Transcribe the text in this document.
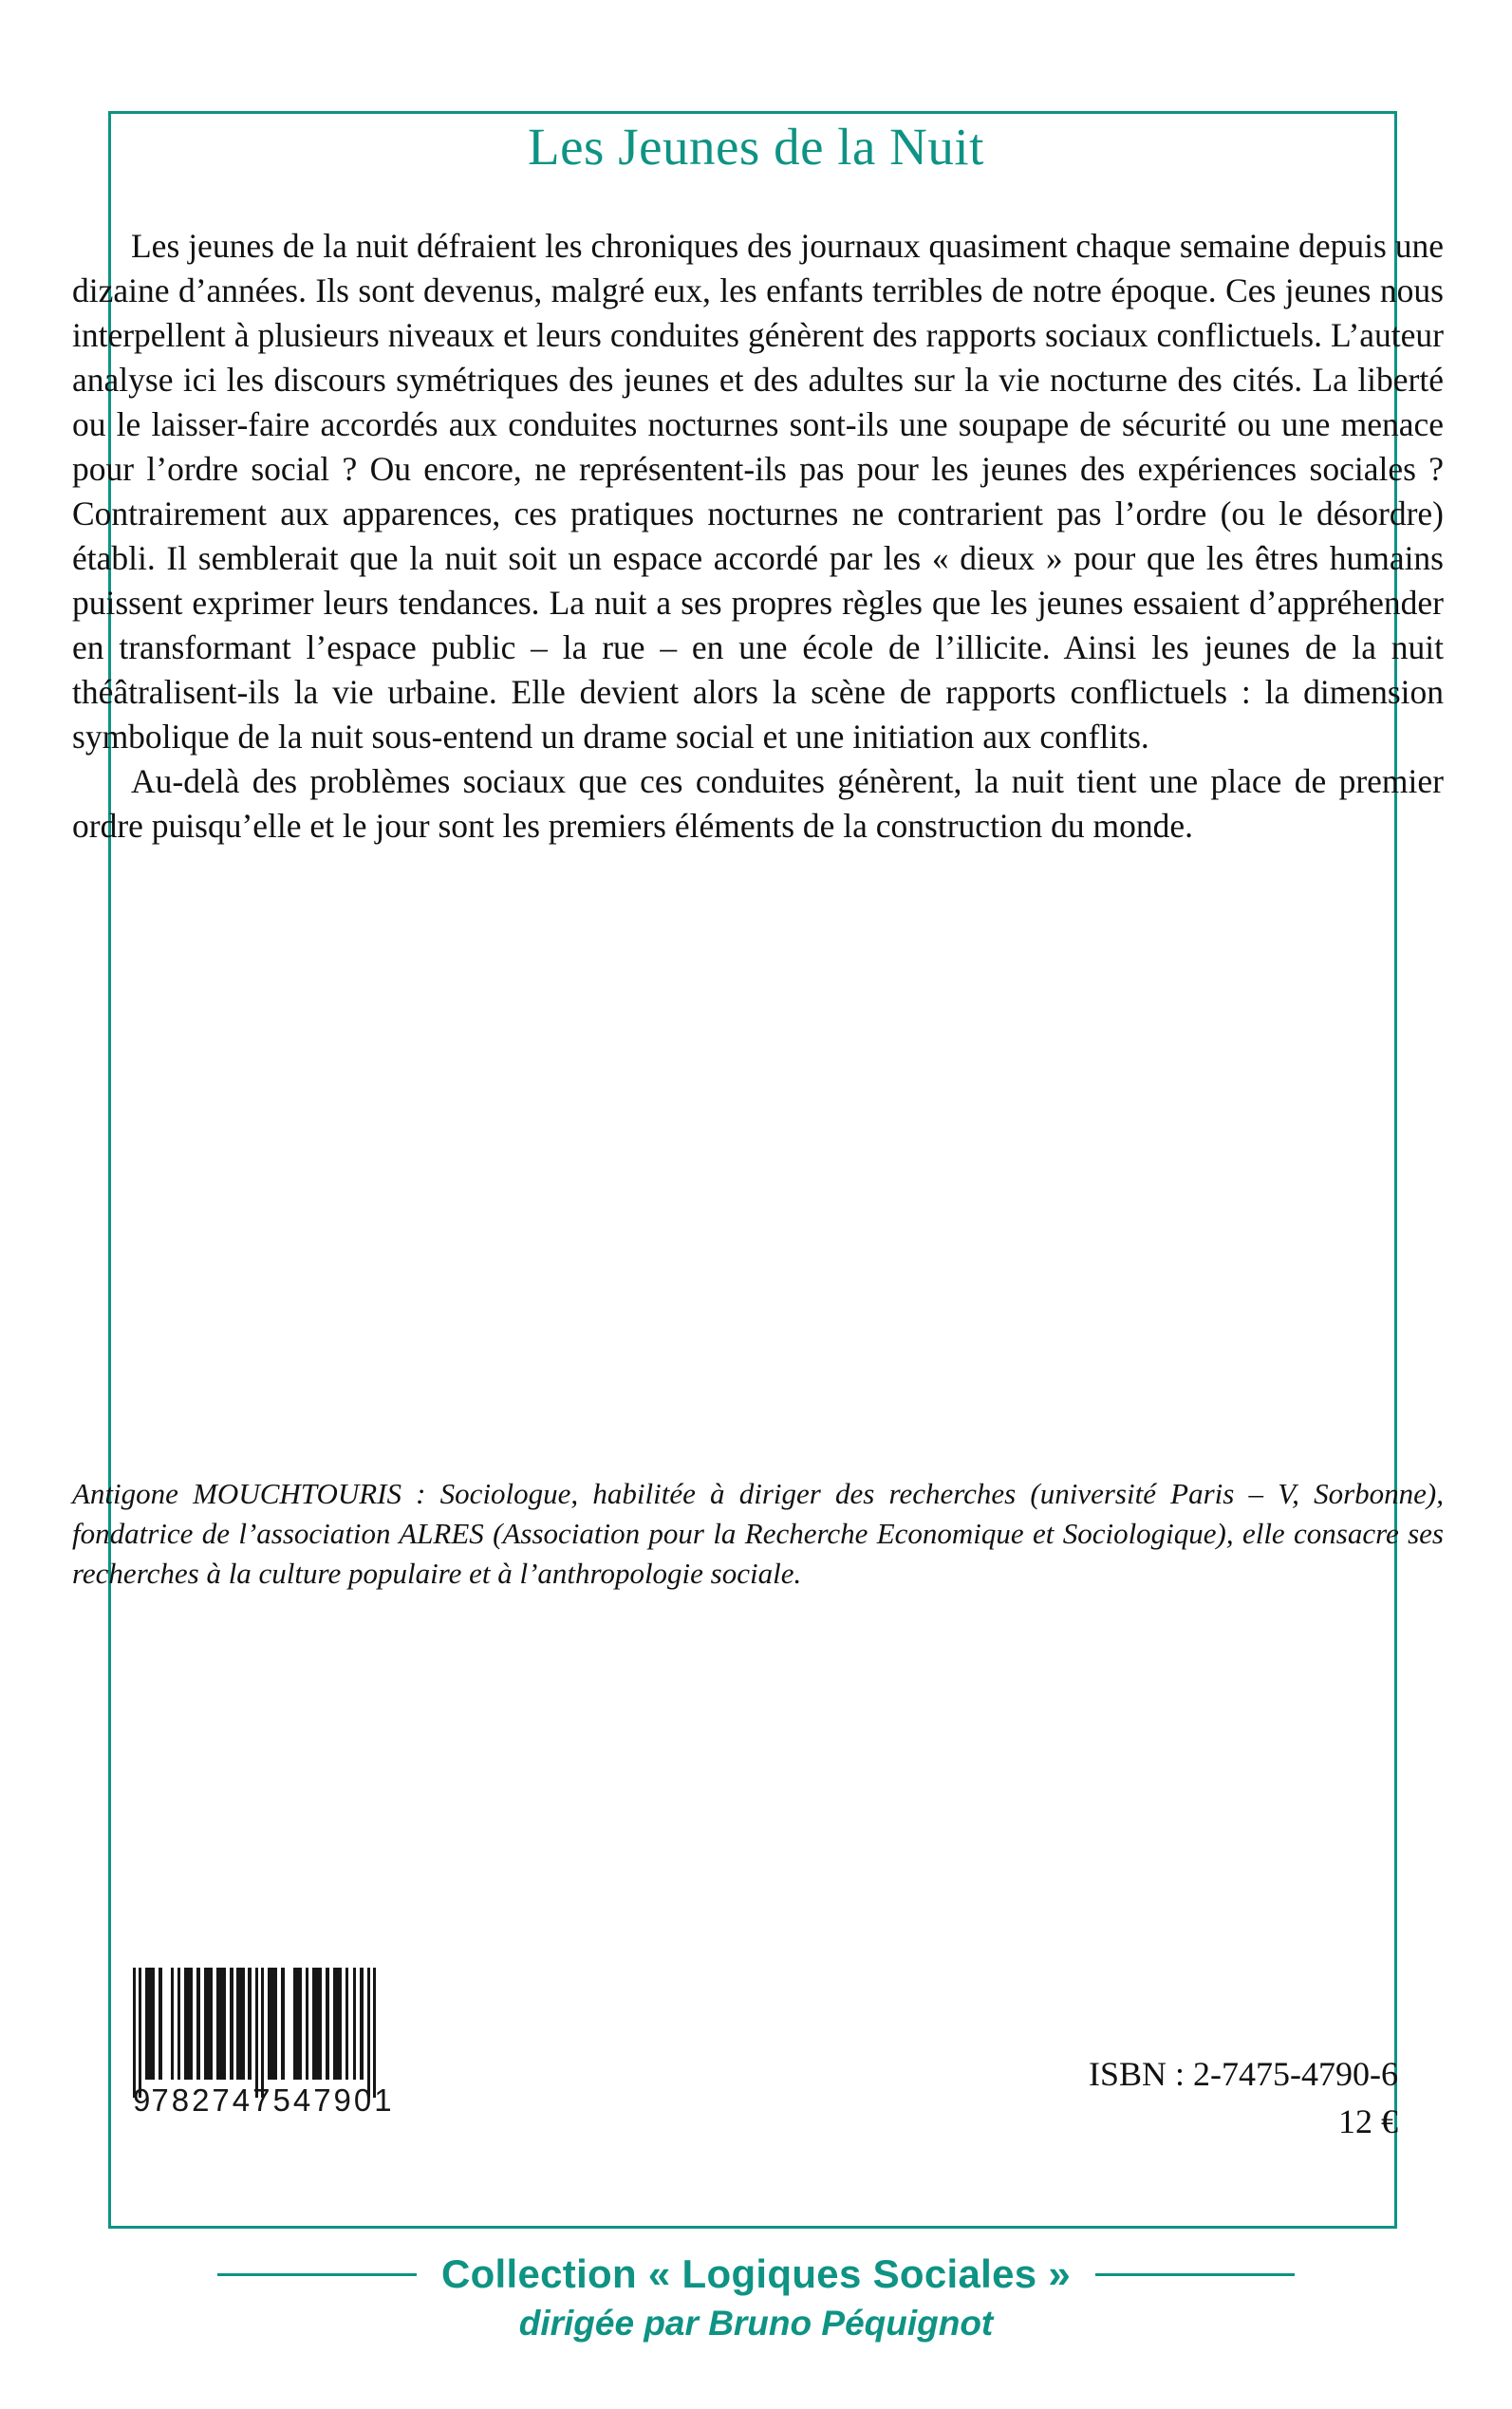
Les Jeunes de la Nuit

Les jeunes de la nuit défraient les chroniques des journaux quasiment chaque semaine depuis une dizaine d’années. Ils sont devenus, malgré eux, les enfants terribles de notre époque. Ces jeunes nous interpellent à plusieurs niveaux et leurs conduites génèrent des rapports sociaux conflictuels. L’auteur analyse ici les discours symétriques des jeunes et des adultes sur la vie nocturne des cités. La liberté ou le laisser-faire accordés aux conduites nocturnes sont-ils une soupape de sécurité ou une menace pour l’ordre social ? Ou encore, ne représentent-ils pas pour les jeunes des expériences sociales ? Contrairement aux apparences, ces pratiques nocturnes ne contrarient pas l’ordre (ou le désordre) établi. Il semblerait que la nuit soit un espace accordé par les « dieux » pour que les êtres humains puissent exprimer leurs tendances. La nuit a ses propres règles que les jeunes essaient d’appréhender en transformant l’espace public – la rue – en une école de l’illicite. Ainsi les jeunes de la nuit théâtralisent-ils la vie urbaine. Elle devient alors la scène de rapports conflictuels : la dimension symbolique de la nuit sous-entend un drame social et une initiation aux conflits.

Au-delà des problèmes sociaux que ces conduites génèrent, la nuit tient une place de premier ordre puisqu’elle et le jour sont les premiers éléments de la construction du monde.

Antigone MOUCHTOURIS : Sociologue, habilitée à diriger des recherches (université Paris – V, Sorbonne), fondatrice de l’association ALRES (Association pour la Recherche Economique et Sociologique), elle consacre ses recherches à la culture populaire et à l’anthropologie sociale.

9 782747 547901
ISBN : 2-7475-4790-6
12 €
Collection « Logiques Sociales »
dirigée par Bruno Péquignot
